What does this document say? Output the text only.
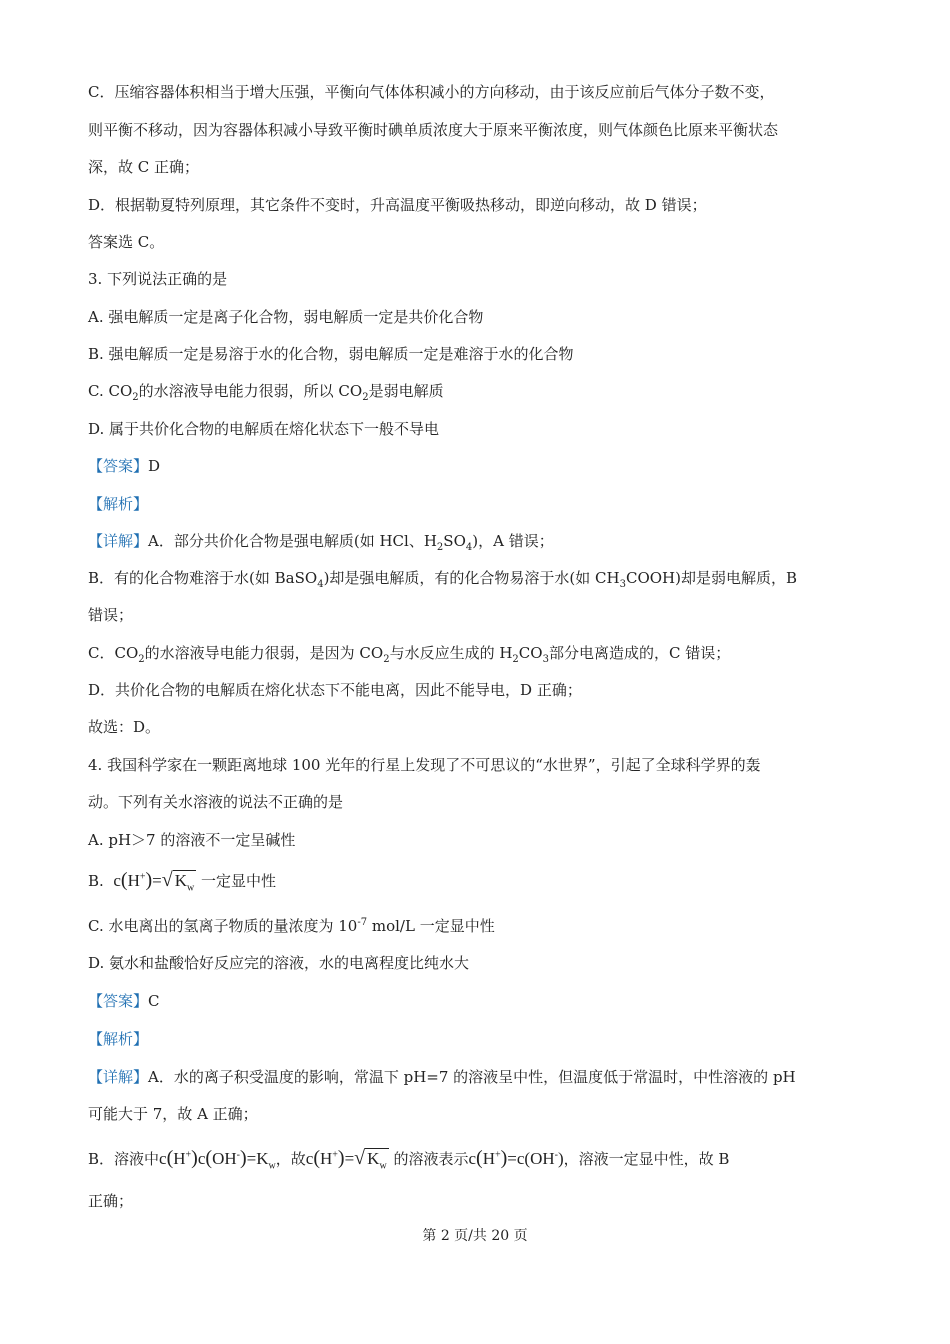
C．压缩容器体积相当于增大压强，平衡向气体体积减小的方向移动，由于该反应前后气体分子数不变，
则平衡不移动，因为容器体积减小导致平衡时碘单质浓度大于原来平衡浓度，则气体颜色比原来平衡状态
深，故 C 正确；
D．根据勒夏特列原理，其它条件不变时，升高温度平衡吸热移动，即逆向移动，故 D 错误；
答案选 C。
3. 下列说法正确的是
A. 强电解质一定是离子化合物，弱电解质一定是共价化合物
B. 强电解质一定是易溶于水的化合物，弱电解质一定是难溶于水的化合物
C. $CO_2$的水溶液导电能力很弱，所以 $CO_2$是弱电解质
D. 属于共价化合物的电解质在熔化状态下一般不导电
【答案】D
【解析】
【详解】A．部分共价化合物是强电解质(如 HCl、$H_2SO_4$)，A 错误；
B．有的化合物难溶于水(如 BaSO$_4$)却是强电解质，有的化合物易溶于水(如 $CH_3COOH$)却是弱电解质，B
错误；
C．$CO_2$的水溶液导电能力很弱，是因为 $CO_2$与水反应生成的 $H_2CO_3$部分电离造成的，C 错误；
D．共价化合物的电解质在熔化状态下不能电离，因此不能导电，D 正确；
故选：D。
4. 我国科学家在一颗距离地球 100 光年的行星上发现了不可思议的“水世界”，引起了全球科学界的轰
动。下列有关水溶液的说法不正确的是
A. pH＞7 的溶液不一定呈碱性
B. c(H+)=√ $K_w$ 一定显中性
C. 水电离出的氢离子物质的量浓度为 $10^{-7}$ mol/L 一定显中性
D. 氨水和盐酸恰好反应完的溶液，水的电离程度比纯水大
【答案】C
【解析】
【详解】A．水的离子积受温度的影响，常温下 pH=7 的溶液呈中性，但温度低于常温时，中性溶液的 pH
可能大于 7，故 A 正确；
B．溶液中$c(H^+)c(OH^-)=K_w$，故c(H+)=√ $K_w$ 的溶液表示c(H+)=c(OH-)，溶液一定显中性，故 B
正确；
第 2 页/共 20 页
